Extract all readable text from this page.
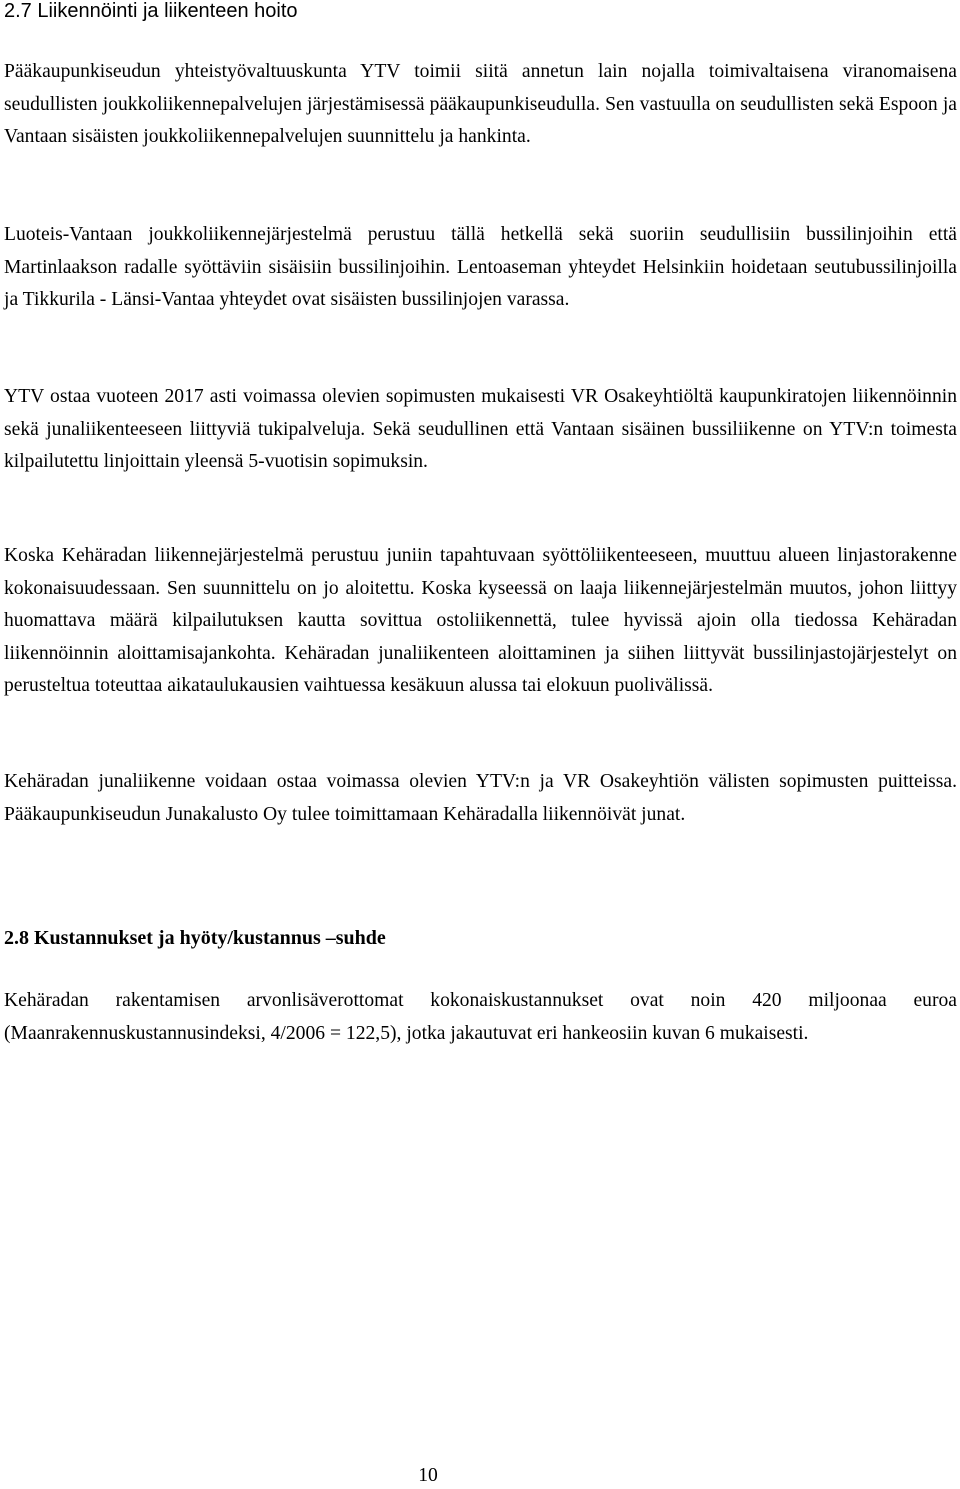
2.7 Liikennöinti ja liikenteen hoito

Pääkaupunkiseudun yhteistyövaltuuskunta YTV toimii siitä annetun lain nojalla toimivaltaisena viranomaisena seudullisten joukkoliikennepalvelujen järjestämisessä pääkaupunkiseudulla. Sen vastuulla on seudullisten sekä Espoon ja Vantaan sisäisten joukkoliikennepalvelujen suunnittelu ja hankinta.

Luoteis-Vantaan joukkoliikennejärjestelmä perustuu tällä hetkellä sekä suoriin seudullisiin bussilinjoihin että Martinlaakson radalle syöttäviin sisäisiin bussilinjoihin. Lentoaseman yhteydet Helsinkiin hoidetaan seutubussilinjoilla ja Tikkurila - Länsi-Vantaa yhteydet ovat sisäisten bussilinjojen varassa.

YTV ostaa vuoteen 2017 asti voimassa olevien sopimusten mukaisesti VR Osakeyhtiöltä kaupunkiratojen liikennöinnin sekä junaliikenteeseen liittyviä tukipalveluja. Sekä seudullinen että Vantaan sisäinen bussiliikenne on YTV:n toimesta kilpailutettu linjoittain yleensä 5-vuotisin sopimuksin.

Koska Kehäradan liikennejärjestelmä perustuu juniin tapahtuvaan syöttöliikenteeseen, muuttuu alueen linjastorakenne kokonaisuudessaan. Sen suunnittelu on jo aloitettu. Koska kyseessä on laaja liikennejärjestelmän muutos, johon liittyy huomattava määrä kilpailutuksen kautta sovittua ostoliikennettä, tulee hyvissä ajoin olla tiedossa Kehäradan liikennöinnin aloittamisajankohta. Kehäradan junaliikenteen aloittaminen ja siihen liittyvät bussilinjastojärjestelyt on perusteltua toteuttaa aikataulukausien vaihtuessa kesäkuun alussa tai elokuun puolivälissä.

Kehäradan junaliikenne voidaan ostaa voimassa olevien YTV:n ja VR Osakeyhtiön välisten sopimusten puitteissa. Pääkaupunkiseudun Junakalusto Oy tulee toimittamaan Kehäradalla liikennöivät junat.

2.8 Kustannukset ja hyöty/kustannus –suhde

Kehäradan rakentamisen arvonlisäverottomat kokonaiskustannukset ovat noin 420 miljoonaa euroa (Maanrakennuskustannusindeksi, 4/2006 = 122,5), jotka jakautuvat eri hankeosiin kuvan 6 mukaisesti.

10
